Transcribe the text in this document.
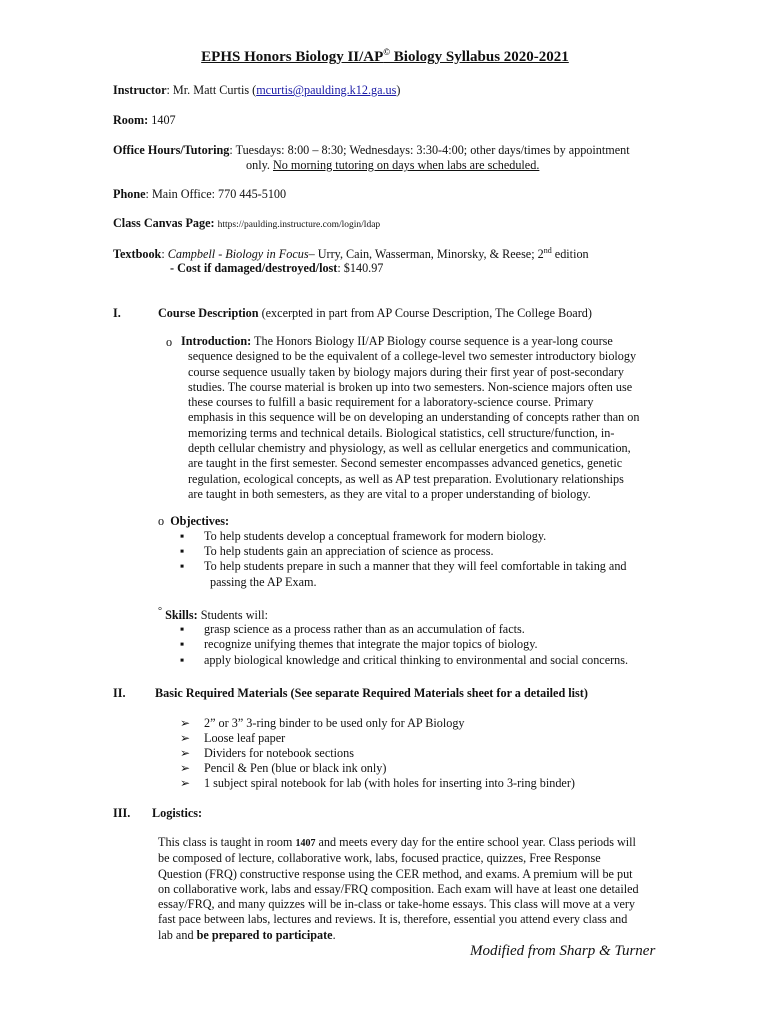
EPHS Honors Biology II/AP© Biology Syllabus 2020-2021
Instructor: Mr. Matt Curtis (mcurtis@paulding.k12.ga.us)
Room: 1407
Office Hours/Tutoring: Tuesdays: 8:00 – 8:30; Wednesdays: 3:30-4:00; other days/times by appointment
only. No morning tutoring on days when labs are scheduled.
Phone: Main Office: 770 445-5100
Class Canvas Page: https://paulding.instructure.com/login/ldap
Textbook: Campbell - Biology in Focus– Urry, Cain, Wasserman, Minorsky, & Reese; 2nd edition
- Cost if damaged/destroyed/lost: $140.97
I.	Course Description (excerpted in part from AP Course Description, The College Board)
o Introduction: The Honors Biology II/AP Biology course sequence is a year-long course
sequence designed to be the equivalent of a college-level two semester introductory biology
course sequence usually taken by biology majors during their first year of post-secondary
studies. The course material is broken up into two semesters. Non-science majors often use
these courses to fulfill a basic requirement for a laboratory-science course. Primary
emphasis in this sequence will be on developing an understanding of concepts rather than on
memorizing terms and technical details. Biological statistics, cell structure/function, in-
depth cellular chemistry and physiology, as well as cellular energetics and communication,
are taught in the first semester. Second semester encompasses advanced genetics, genetic
regulation, ecological concepts, as well as AP test preparation. Evolutionary relationships
are taught in both semesters, as they are vital to a proper understanding of biology.
o Objectives:
▪ To help students develop a conceptual framework for modern biology.
▪ To help students gain an appreciation of science as process.
▪ To help students prepare in such a manner that they will feel comfortable in taking and
passing the AP Exam.
° Skills: Students will:
▪ grasp science as a process rather than as an accumulation of facts.
▪ recognize unifying themes that integrate the major topics of biology.
▪ apply biological knowledge and critical thinking to environmental and social concerns.
II. Basic Required Materials (See separate Required Materials sheet for a detailed list)
➢ 2” or 3” 3-ring binder to be used only for AP Biology
➢ Loose leaf paper
➢ Dividers for notebook sections
➢ Pencil & Pen (blue or black ink only)
➢ 1 subject spiral notebook for lab (with holes for inserting into 3-ring binder)
III. Logistics:
This class is taught in room 1407 and meets every day for the entire school year. Class periods will
be composed of lecture, collaborative work, labs, focused practice, quizzes, Free Response
Question (FRQ) constructive response using the CER method, and exams. A premium will be put
on collaborative work, labs and essay/FRQ composition. Each exam will have at least one detailed
essay/FRQ, and many quizzes will be in-class or take-home essays. This class will move at a very
fast pace between labs, lectures and reviews. It is, therefore, essential you attend every class and
lab and be prepared to participate.
Modified from Sharp & Turner
